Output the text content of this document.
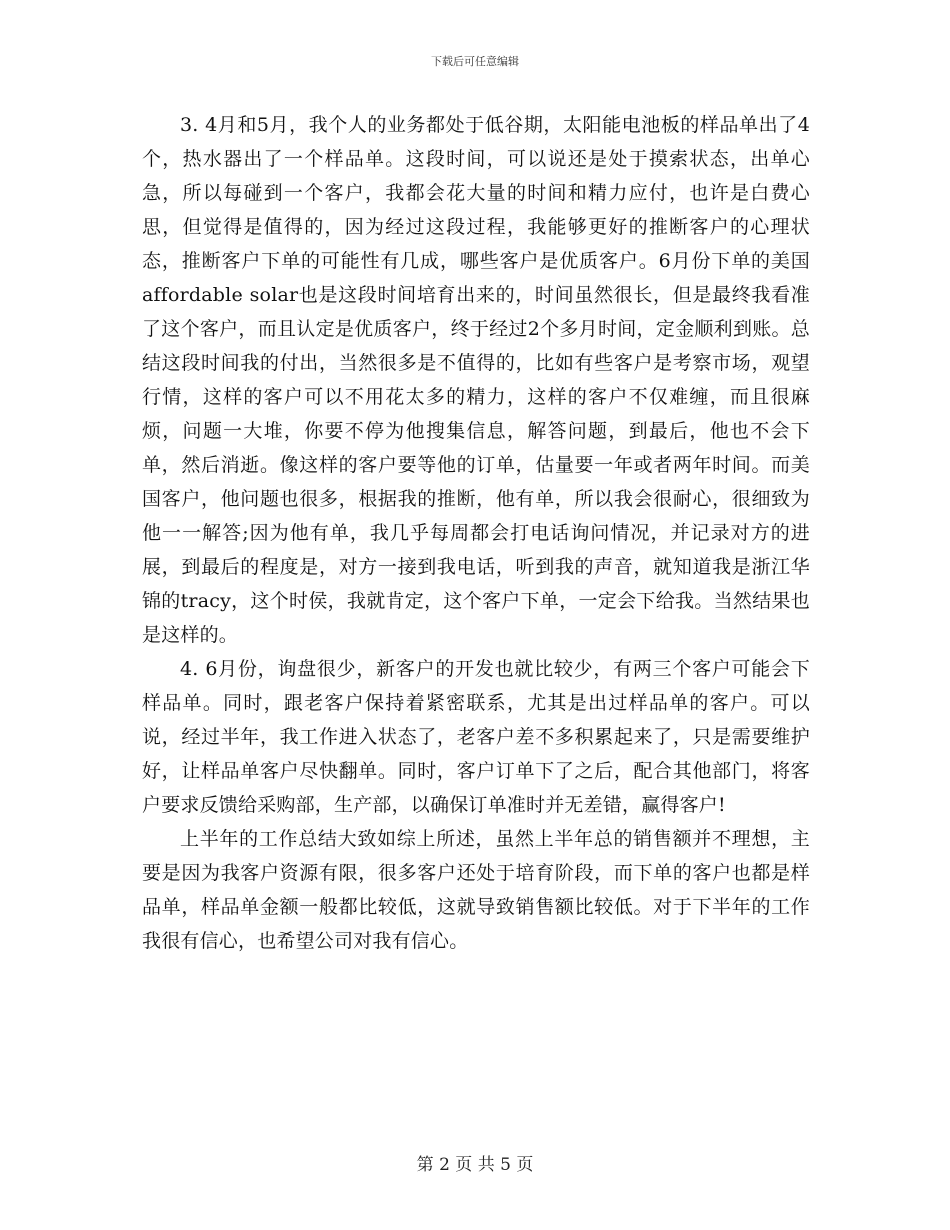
下载后可任意编辑

3. 4月和5月，我个人的业务都处于低谷期，太阳能电池板的样品单出了4个，热水器出了一个样品单。这段时间，可以说还是处于摸索状态，出单心急，所以每碰到一个客户，我都会花大量的时间和精力应付，也许是白费心思，但觉得是值得的，因为经过这段过程，我能够更好的推断客户的心理状态，推断客户下单的可能性有几成，哪些客户是优质客户。6月份下单的美国affordable solar也是这段时间培育出来的，时间虽然很长，但是最终我看准了这个客户，而且认定是优质客户，终于经过2个多月时间，定金顺利到账。总结这段时间我的付出，当然很多是不值得的，比如有些客户是考察市场，观望行情，这样的客户可以不用花太多的精力，这样的客户不仅难缠，而且很麻烦，问题一大堆，你要不停为他搜集信息，解答问题，到最后，他也不会下单，然后消逝。像这样的客户要等他的订单，估量要一年或者两年时间。而美国客户，他问题也很多，根据我的推断，他有单，所以我会很耐心，很细致为他一一解答;因为他有单，我几乎每周都会打电话询问情况，并记录对方的进展，到最后的程度是，对方一接到我电话，听到我的声音，就知道我是浙江华锦的tracy，这个时侯，我就肯定，这个客户下单，一定会下给我。当然结果也是这样的。

4. 6月份，询盘很少，新客户的开发也就比较少，有两三个客户可能会下样品单。同时，跟老客户保持着紧密联系，尤其是出过样品单的客户。可以说，经过半年，我工作进入状态了，老客户差不多积累起来了，只是需要维护好，让样品单客户尽快翻单。同时，客户订单下了之后，配合其他部门，将客户要求反馈给采购部，生产部，以确保订单准时并无差错，赢得客户!

上半年的工作总结大致如综上所述，虽然上半年总的销售额并不理想，主要是因为我客户资源有限，很多客户还处于培育阶段，而下单的客户也都是样品单，样品单金额一般都比较低，这就导致销售额比较低。对于下半年的工作我很有信心，也希望公司对我有信心。

第 2 页 共 5 页
